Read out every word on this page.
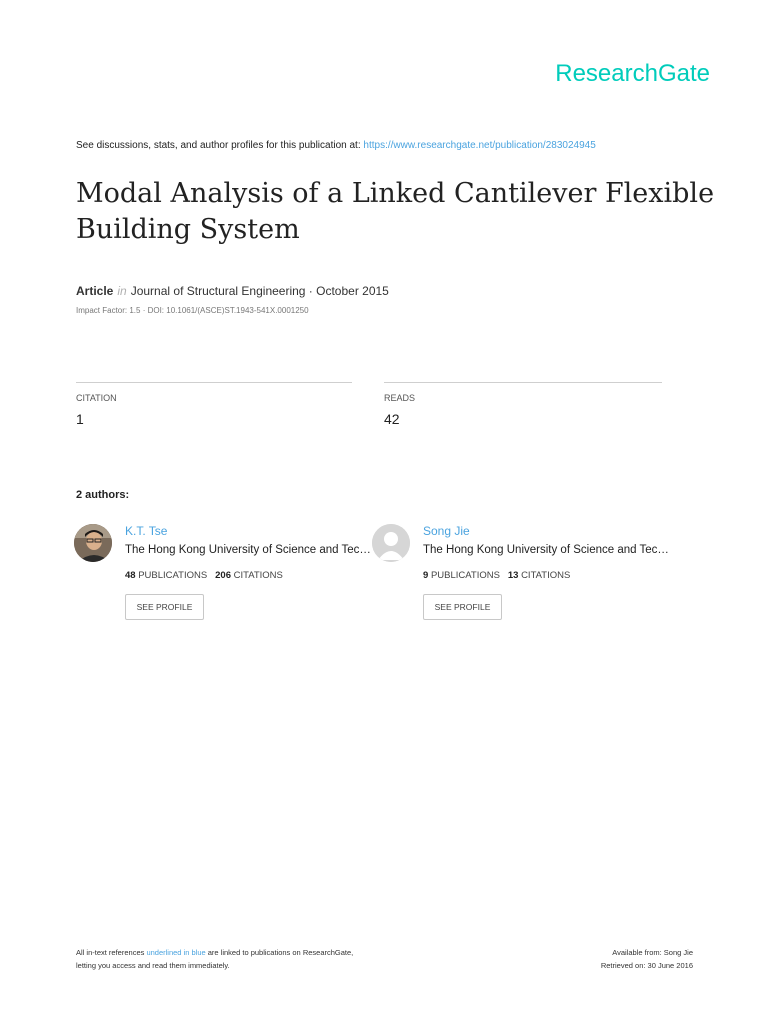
ResearchGate
See discussions, stats, and author profiles for this publication at: https://www.researchgate.net/publication/283024945
Modal Analysis of a Linked Cantilever Flexible
Building System
Article in Journal of Structural Engineering · October 2015
Impact Factor: 1.5 · DOI: 10.1061/(ASCE)ST.1943-541X.0001250
CITATION
1
READS
42
2 authors:
K.T. Tse
The Hong Kong University of Science and Tec…
48 PUBLICATIONS 206 CITATIONS
SEE PROFILE
Song Jie
The Hong Kong University of Science and Tec…
9 PUBLICATIONS 13 CITATIONS
SEE PROFILE
All in-text references underlined in blue are linked to publications on ResearchGate,
letting you access and read them immediately.
Available from: Song Jie
Retrieved on: 30 June 2016
